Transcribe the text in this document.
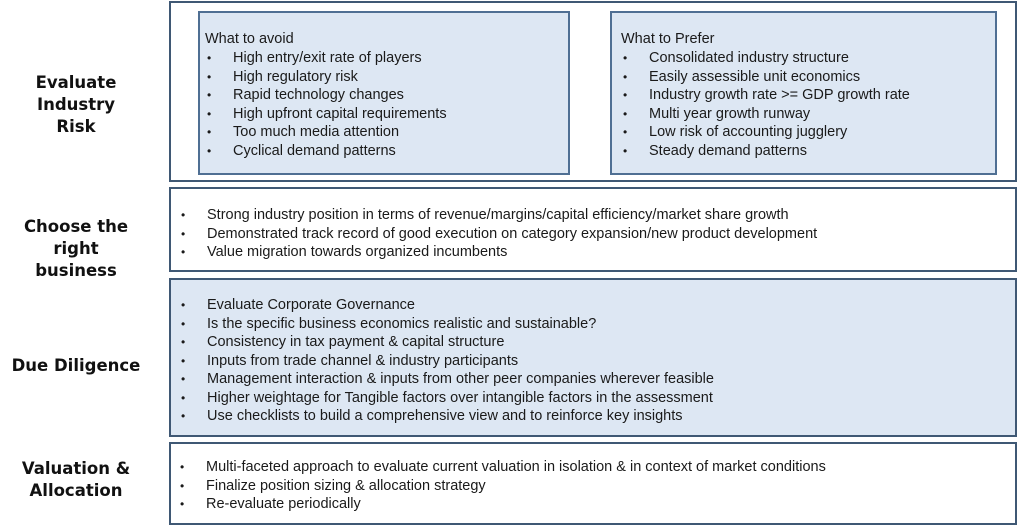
Evaluate Industry Risk
What to avoid
• High entry/exit rate of players
• High regulatory risk
• Rapid technology changes
• High upfront capital requirements
• Too much media attention
• Cyclical demand patterns
What to Prefer
• Consolidated industry structure
• Easily assessible unit economics
• Industry growth rate >= GDP growth rate
• Multi year growth runway
• Low risk of accounting jugglery
• Steady demand patterns
Choose the right business
• Strong industry position in terms of revenue/margins/capital efficiency/market share growth
• Demonstrated track record of good execution on category expansion/new product development
• Value migration towards organized incumbents
Due Diligence
• Evaluate Corporate Governance
• Is the specific business economics realistic and sustainable?
• Consistency in tax payment & capital structure
• Inputs from trade channel & industry participants
• Management interaction & inputs from other peer companies wherever feasible
• Higher weightage for Tangible factors over intangible factors in the assessment
• Use checklists to build a comprehensive view and to reinforce key insights
Valuation & Allocation
• Multi-faceted approach to evaluate current valuation in isolation & in context of market conditions
• Finalize position sizing & allocation strategy
• Re-evaluate periodically
